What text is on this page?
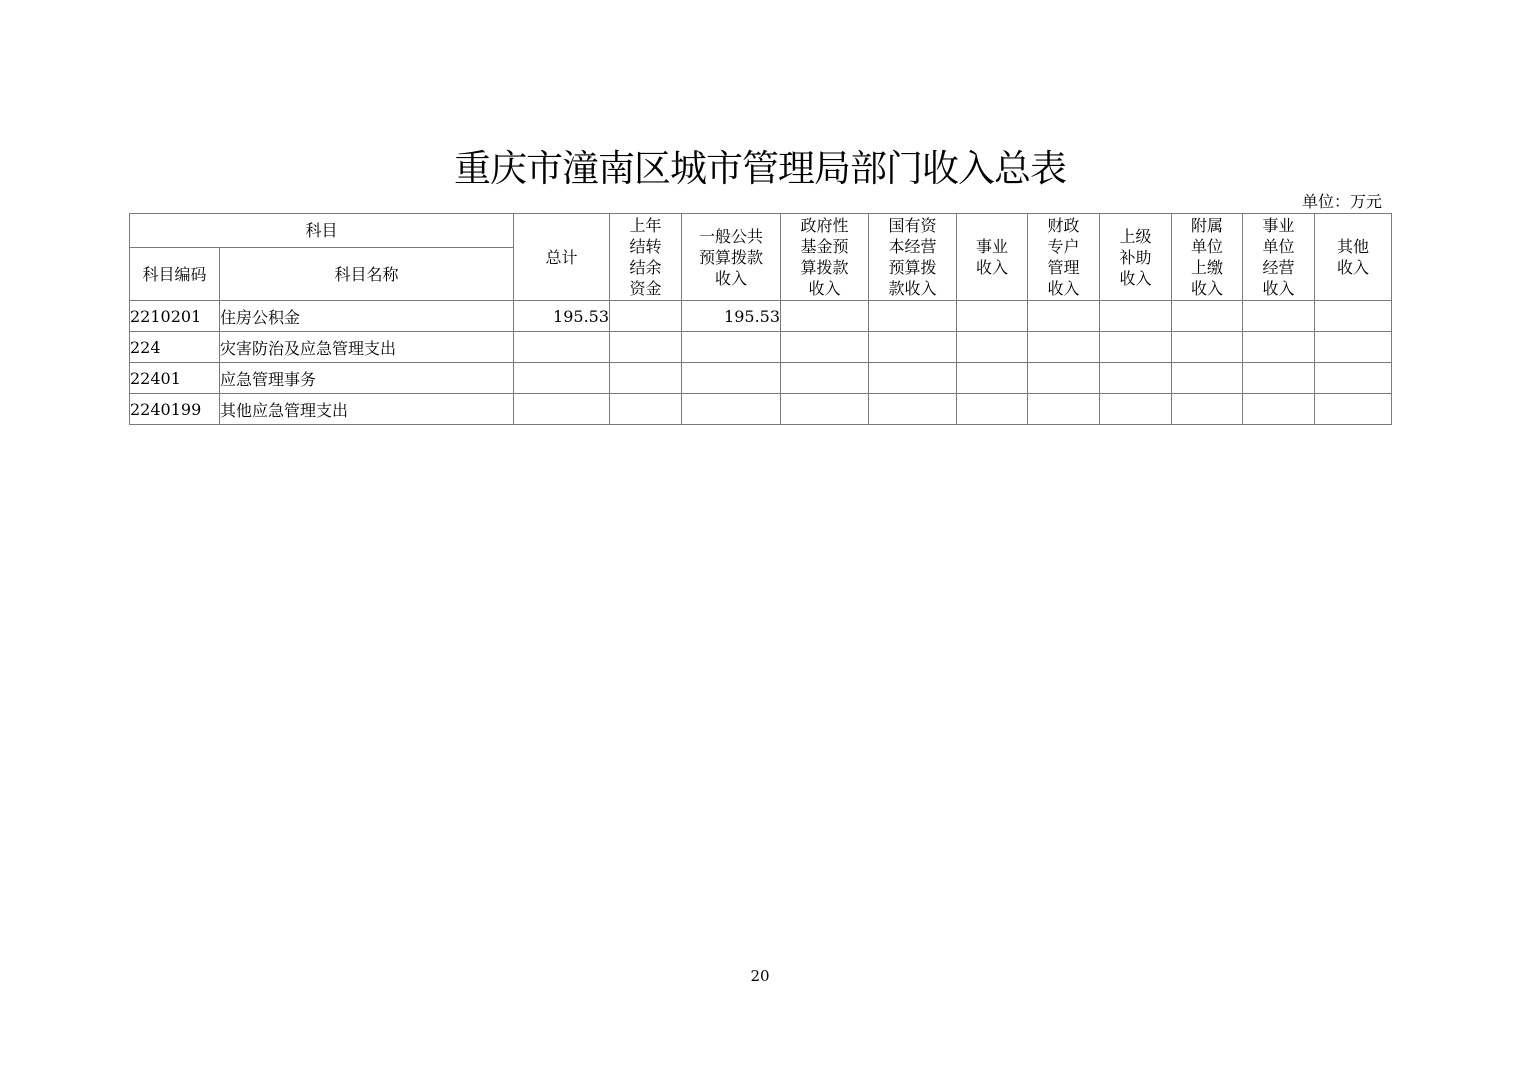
重庆市潼南区城市管理局部门收入总表
单位：万元
科目		总计	上年
结转
结余
资金	一般公共
预算拨款
收入	政府性
基金预
算拨款
收入	国有资
本经营
预算拨
款收入	事业
收入	财政
专户
管理
收入	上级
补助
收入	附属
单位
上缴
收入	事业
单位
经营
收入	其他
收入
科目编码	科目名称											
2210201	住房公积金	195.53		195.53								
224	灾害防治及应急管理支出											
22401	应急管理事务											
2240199	其他应急管理支出											
20
